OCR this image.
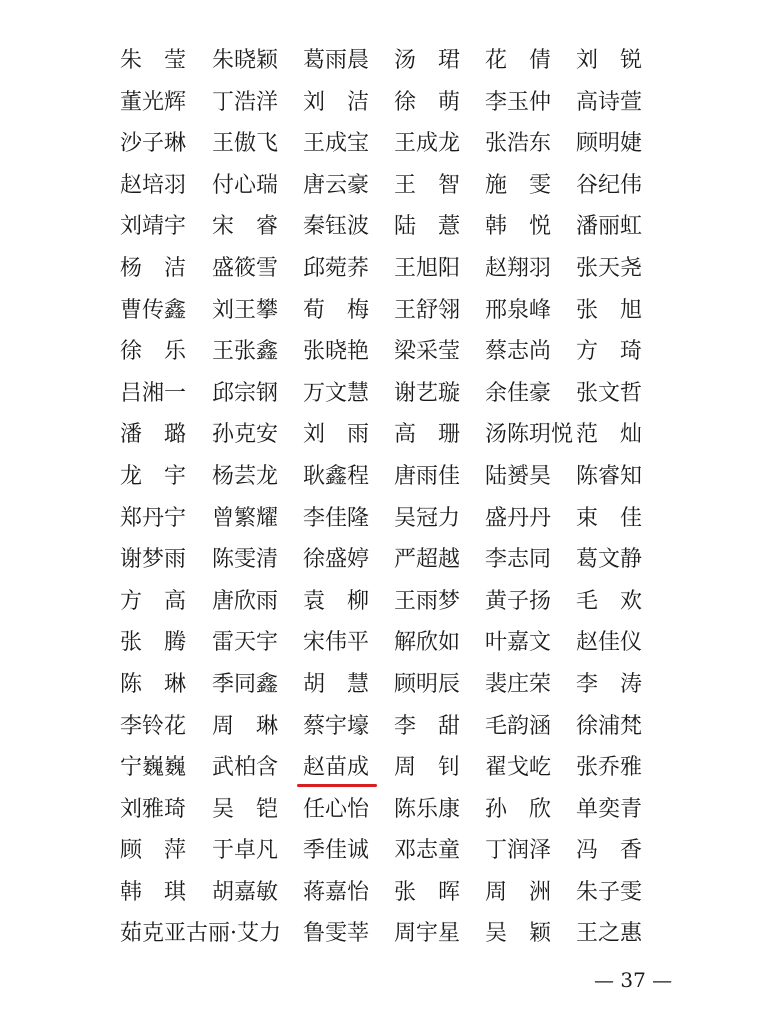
朱莹 朱晓颖 葛雨晨 汤珺 花倩 刘锐
董光辉 丁浩洋 刘洁 徐萌 李玉仲 高诗萱
沙子琳 王傲飞 王成宝 王成龙 张浩东 顾明婕
赵培羽 付心瑞 唐云豪 王智 施雯 谷纪伟
刘靖宇 宋睿 秦钰波 陆薏 韩悦 潘丽虹
杨洁 盛筱雪 邱菀荞 王旭阳 赵翔羽 张天尧
曹传鑫 刘王攀 荀梅 王舒翎 邢泉峰 张旭
徐乐 王张鑫 张晓艳 梁采莹 蔡志尚 方琦
吕湘一 邱宗钢 万文慧 谢艺璇 余佳豪 张文哲
潘璐 孙克安 刘雨 高珊 汤陈玥悦 范灿
龙宇 杨芸龙 耿鑫程 唐雨佳 陆赟昊 陈睿知
郑丹宁 曾繁耀 李佳隆 吴冠力 盛丹丹 束佳
谢梦雨 陈雯清 徐盛婷 严超越 李志同 葛文静
方高 唐欣雨 袁柳 王雨梦 黄子扬 毛欢
张腾 雷天宇 宋伟平 解欣如 叶嘉文 赵佳仪
陈琳 季同鑫 胡慧 顾明辰 裴庄荣 李涛
李铃花 周琳 蔡宇壕 李甜 毛韵涵 徐浦梵
宁巍巍 武柏含 赵苗成 周钊 翟戈屹 张乔雅
刘雅琦 吴铠 任心怡 陈乐康 孙欣 单奕青
顾萍 于卓凡 季佳诚 邓志童 丁润泽 冯香
韩琪 胡嘉敏 蒋嘉怡 张晖 周洲 朱子雯
茹克亚古丽·艾力	鲁雯莘 周宇星 吴颖 王之惠
— 37 —
